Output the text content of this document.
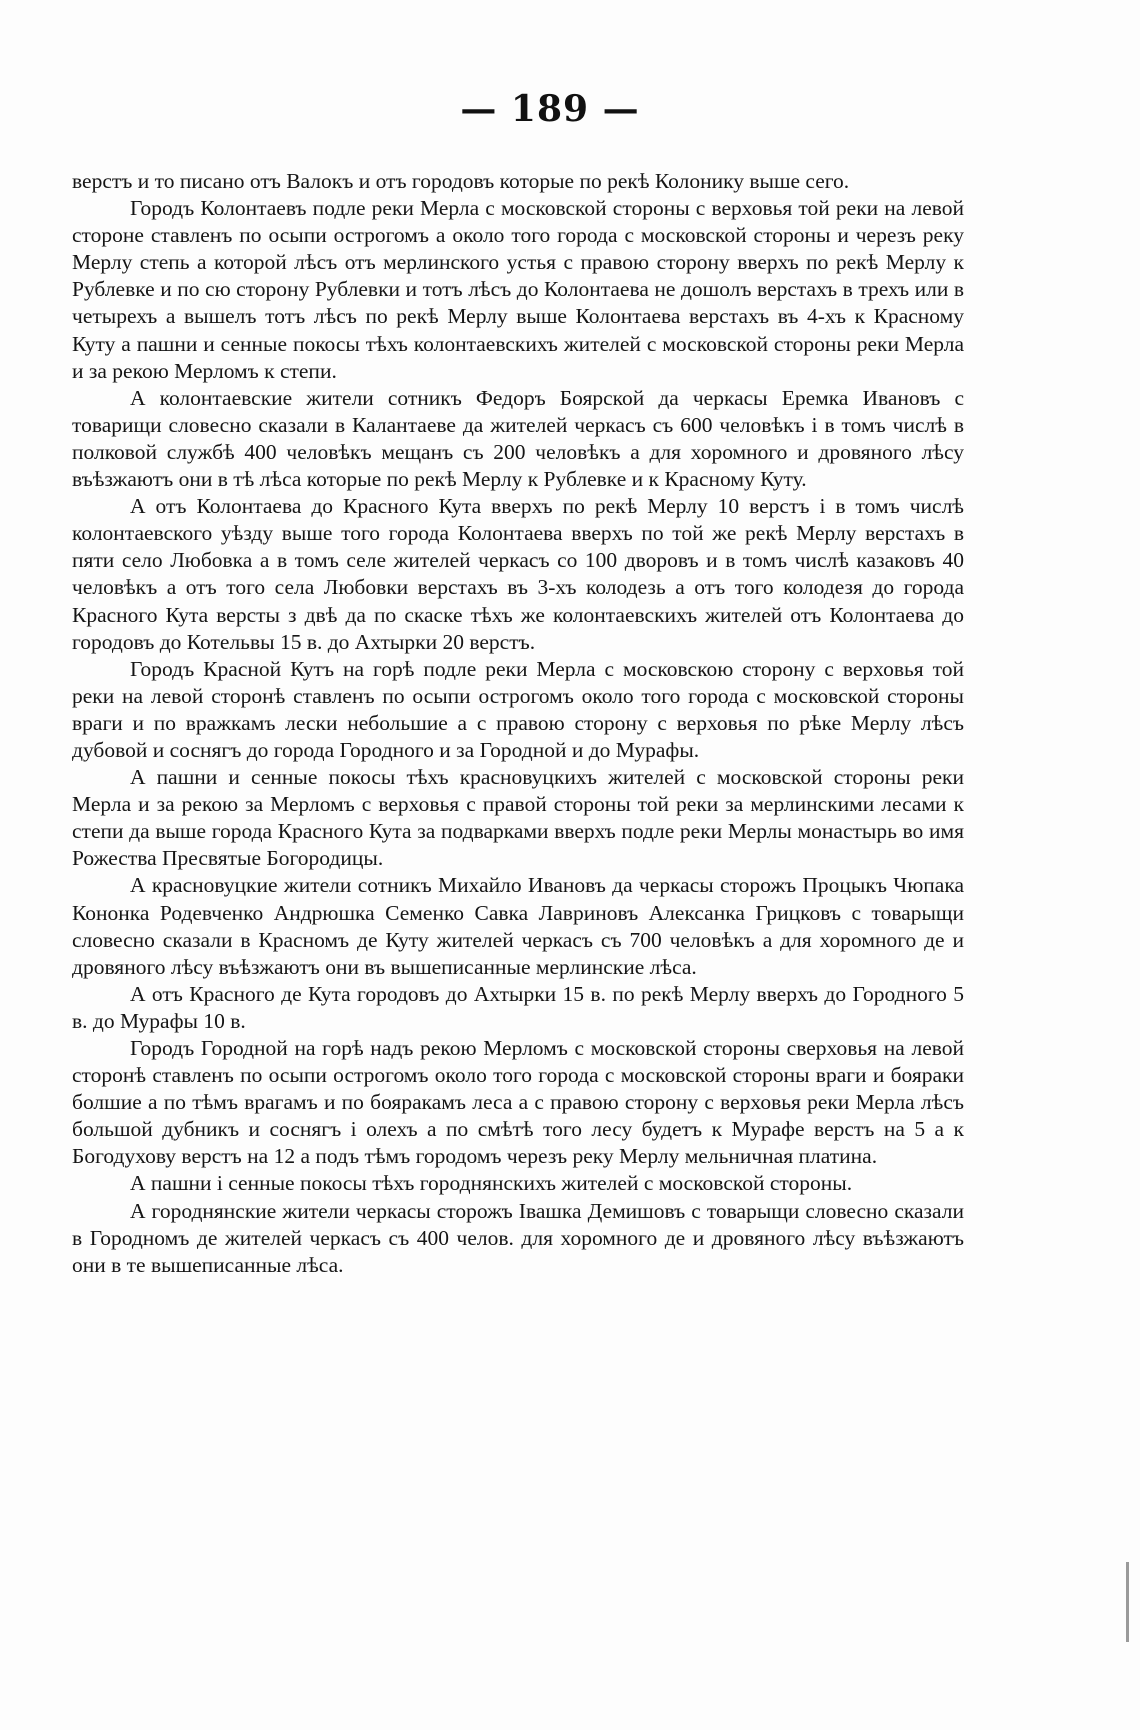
— 189 —

верстъ и то писано отъ Валокъ и отъ городовъ которые по рекѣ Колонику выше сего.

Городъ Колонтаевъ подле реки Мерла с московской стороны с верховья той реки на левой стороне ставленъ по осыпи острогомъ а около того города с московской стороны и черезъ реку Мерлу степь а которой лѣсъ отъ мерлинского устья с правою сторону вверхъ по рекѣ Мерлу к Рублевке и по сю сторону Рублевки и тотъ лѣсъ до Колонтаева не дошолъ верстахъ в трехъ или в четырехъ а вышелъ тотъ лѣсъ по рекѣ Мерлу выше Колонтаева верстахъ въ 4-хъ к Красному Куту а пашни и сенные покосы тѣхъ колонтаевскихъ жителей с московской стороны реки Мерла и за рекою Мерломъ к степи.

А колонтаевские жители сотникъ Федоръ Боярской да черкасы Еремка Ивановъ с товарищи словесно сказали в Калантаеве да жителей черкасъ съ 600 человѣкъ і в томъ числѣ в полковой службѣ 400 человѣкъ мещанъ съ 200 человѣкъ а для хоромного и дровяного лѣсу въѣзжаютъ они в тѣ лѣса которые по рекѣ Мерлу к Рублевке и к Красному Куту.

А отъ Колонтаева до Красного Кута вверхъ по рекѣ Мерлу 10 верстъ і в томъ числѣ колонтаевского уѣзду выше того города Колонтаева вверхъ по той же рекѣ Мерлу верстахъ в пяти село Любовка а в томъ селе жителей черкасъ со 100 дворовъ и в томъ числѣ казаковъ 40 человѣкъ а отъ того села Любовки верстахъ въ 3-хъ колодезь а отъ того колодезя до города Красного Кута версты з двѣ да по скаске тѣхъ же колонтаевскихъ жителей отъ Колонтаева до городовъ до Котельвы 15 в. до Ахтырки 20 верстъ.

Городъ Красной Кутъ на горѣ подле реки Мерла с московскою сторону с верховья той реки на левой сторонѣ ставленъ по осыпи острогомъ около того города с московской стороны враги и по вражкамъ лески небольшие а с правою сторону с верховья по рѣке Мерлу лѣсъ дубовой и соснягъ до города Городного и за Городной и до Мурафы.

А пашни и сенные покосы тѣхъ красновуцкихъ жителей с московской стороны реки Мерла и за рекою за Мерломъ с верховья с правой стороны той реки за мерлинскими лесами к степи да выше города Красного Кута за подварками вверхъ подле реки Мерлы монастырь во имя Рожества Пресвятые Богородицы.

А красновуцкие жители сотникъ Михайло Ивановъ да черкасы сторожъ Процыкъ Чюпака Кононка Родевченко Андрюшка Семенко Савка Лавриновъ Алексанка Грицковъ с товарыщи словесно сказали в Красномъ де Куту жителей черкасъ съ 700 человѣкъ а для хоромного де и дровяного лѣсу въѣзжаютъ они въ вышеписанные мерлинские лѣса.

А отъ Красного де Кута городовъ до Ахтырки 15 в. по рекѣ Мерлу вверхъ до Городного 5 в. до Мурафы 10 в.

Городъ Городной на горѣ надъ рекою Мерломъ с московской стороны сверховья на левой сторонѣ ставленъ по осыпи острогомъ около того города с московской стороны враги и бояраки болшие а по тѣмъ врагамъ и по бояракамъ леса а с правою сторону с верховья реки Мерла лѣсъ большой дубникъ и соснягъ і олехъ а по смѣтѣ того лесу будетъ к Мурафе верстъ на 5 а к Богодухову верстъ на 12 а подъ тѣмъ городомъ черезъ реку Мерлу мельничная платина.

А пашни і сенные покосы тѣхъ городнянскихъ жителей с московской стороны.

А городнянские жители черкасы сторожъ Івашка Демишовъ с товарыщи словесно сказали в Городномъ де жителей черкасъ съ 400 челов. для хоромного де и дровяного лѣсу въѣзжаютъ они в те вышеписанные лѣса.
